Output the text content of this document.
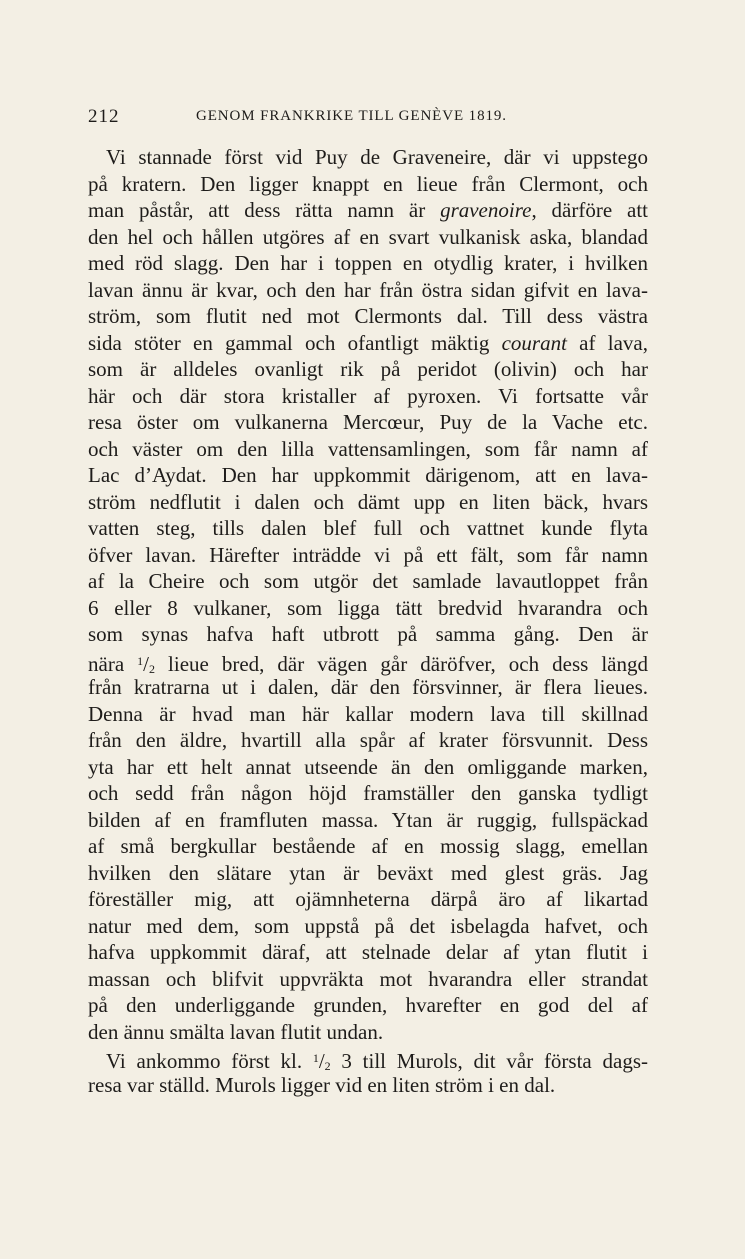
212	GENOM FRANKRIKE TILL GENÈVE 1819.
Vi stannade först vid Puy de Graveneire, där vi uppstego
på kratern. Den ligger knappt en lieue från Clermont, och
man påstår, att dess rätta namn är gravenoire, därföre att
den hel och hållen utgöres af en svart vulkanisk aska, blandad
med röd slagg. Den har i toppen en otydlig krater, i hvilken
lavan ännu är kvar, och den har från östra sidan gifvit en lava-
ström, som flutit ned mot Clermonts dal. Till dess västra
sida stöter en gammal och ofantligt mäktig courant af lava,
som är alldeles ovanligt rik på peridot (olivin) och har
här och där stora kristaller af pyroxen. Vi fortsatte vår
resa öster om vulkanerna Mercœur, Puy de la Vache etc.
och väster om den lilla vattensamlingen, som får namn af
Lac d’Aydat. Den har uppkommit därigenom, att en lava-
ström nedflutit i dalen och dämt upp en liten bäck, hvars
vatten steg, tills dalen blef full och vattnet kunde flyta
öfver lavan. Härefter inträdde vi på ett fält, som får namn
af la Cheire och som utgör det samlade lavautloppet från
6 eller 8 vulkaner, som ligga tätt bredvid hvarandra och
som synas hafva haft utbrott på samma gång. Den är
nära $^1/_2$ lieue bred, där vägen går däröfver, och dess längd
från kratrarna ut i dalen, där den försvinner, är flera lieues.
Denna är hvad man här kallar modern lava till skillnad
från den äldre, hvartill alla spår af krater försvunnit. Dess
yta har ett helt annat utseende än den omliggande marken,
och sedd från någon höjd framställer den ganska tydligt
bilden af en framfluten massa. Ytan är ruggig, fullspäckad
af små bergkullar bestående af en mossig slagg, emellan
hvilken den slätare ytan är beväxt med glest gräs. Jag
föreställer mig, att ojämnheterna därpå äro af likartad
natur med dem, som uppstå på det isbelagda hafvet, och
hafva uppkommit däraf, att stelnade delar af ytan flutit i
massan och blifvit uppvräkta mot hvarandra eller strandat
på den underliggande grunden, hvarefter en god del af
den ännu smälta lavan flutit undan.
Vi ankommo först kl. $^1/_2$ 3 till Murols, dit vår första dags-
resa var ställd. Murols ligger vid en liten ström i en dal.
